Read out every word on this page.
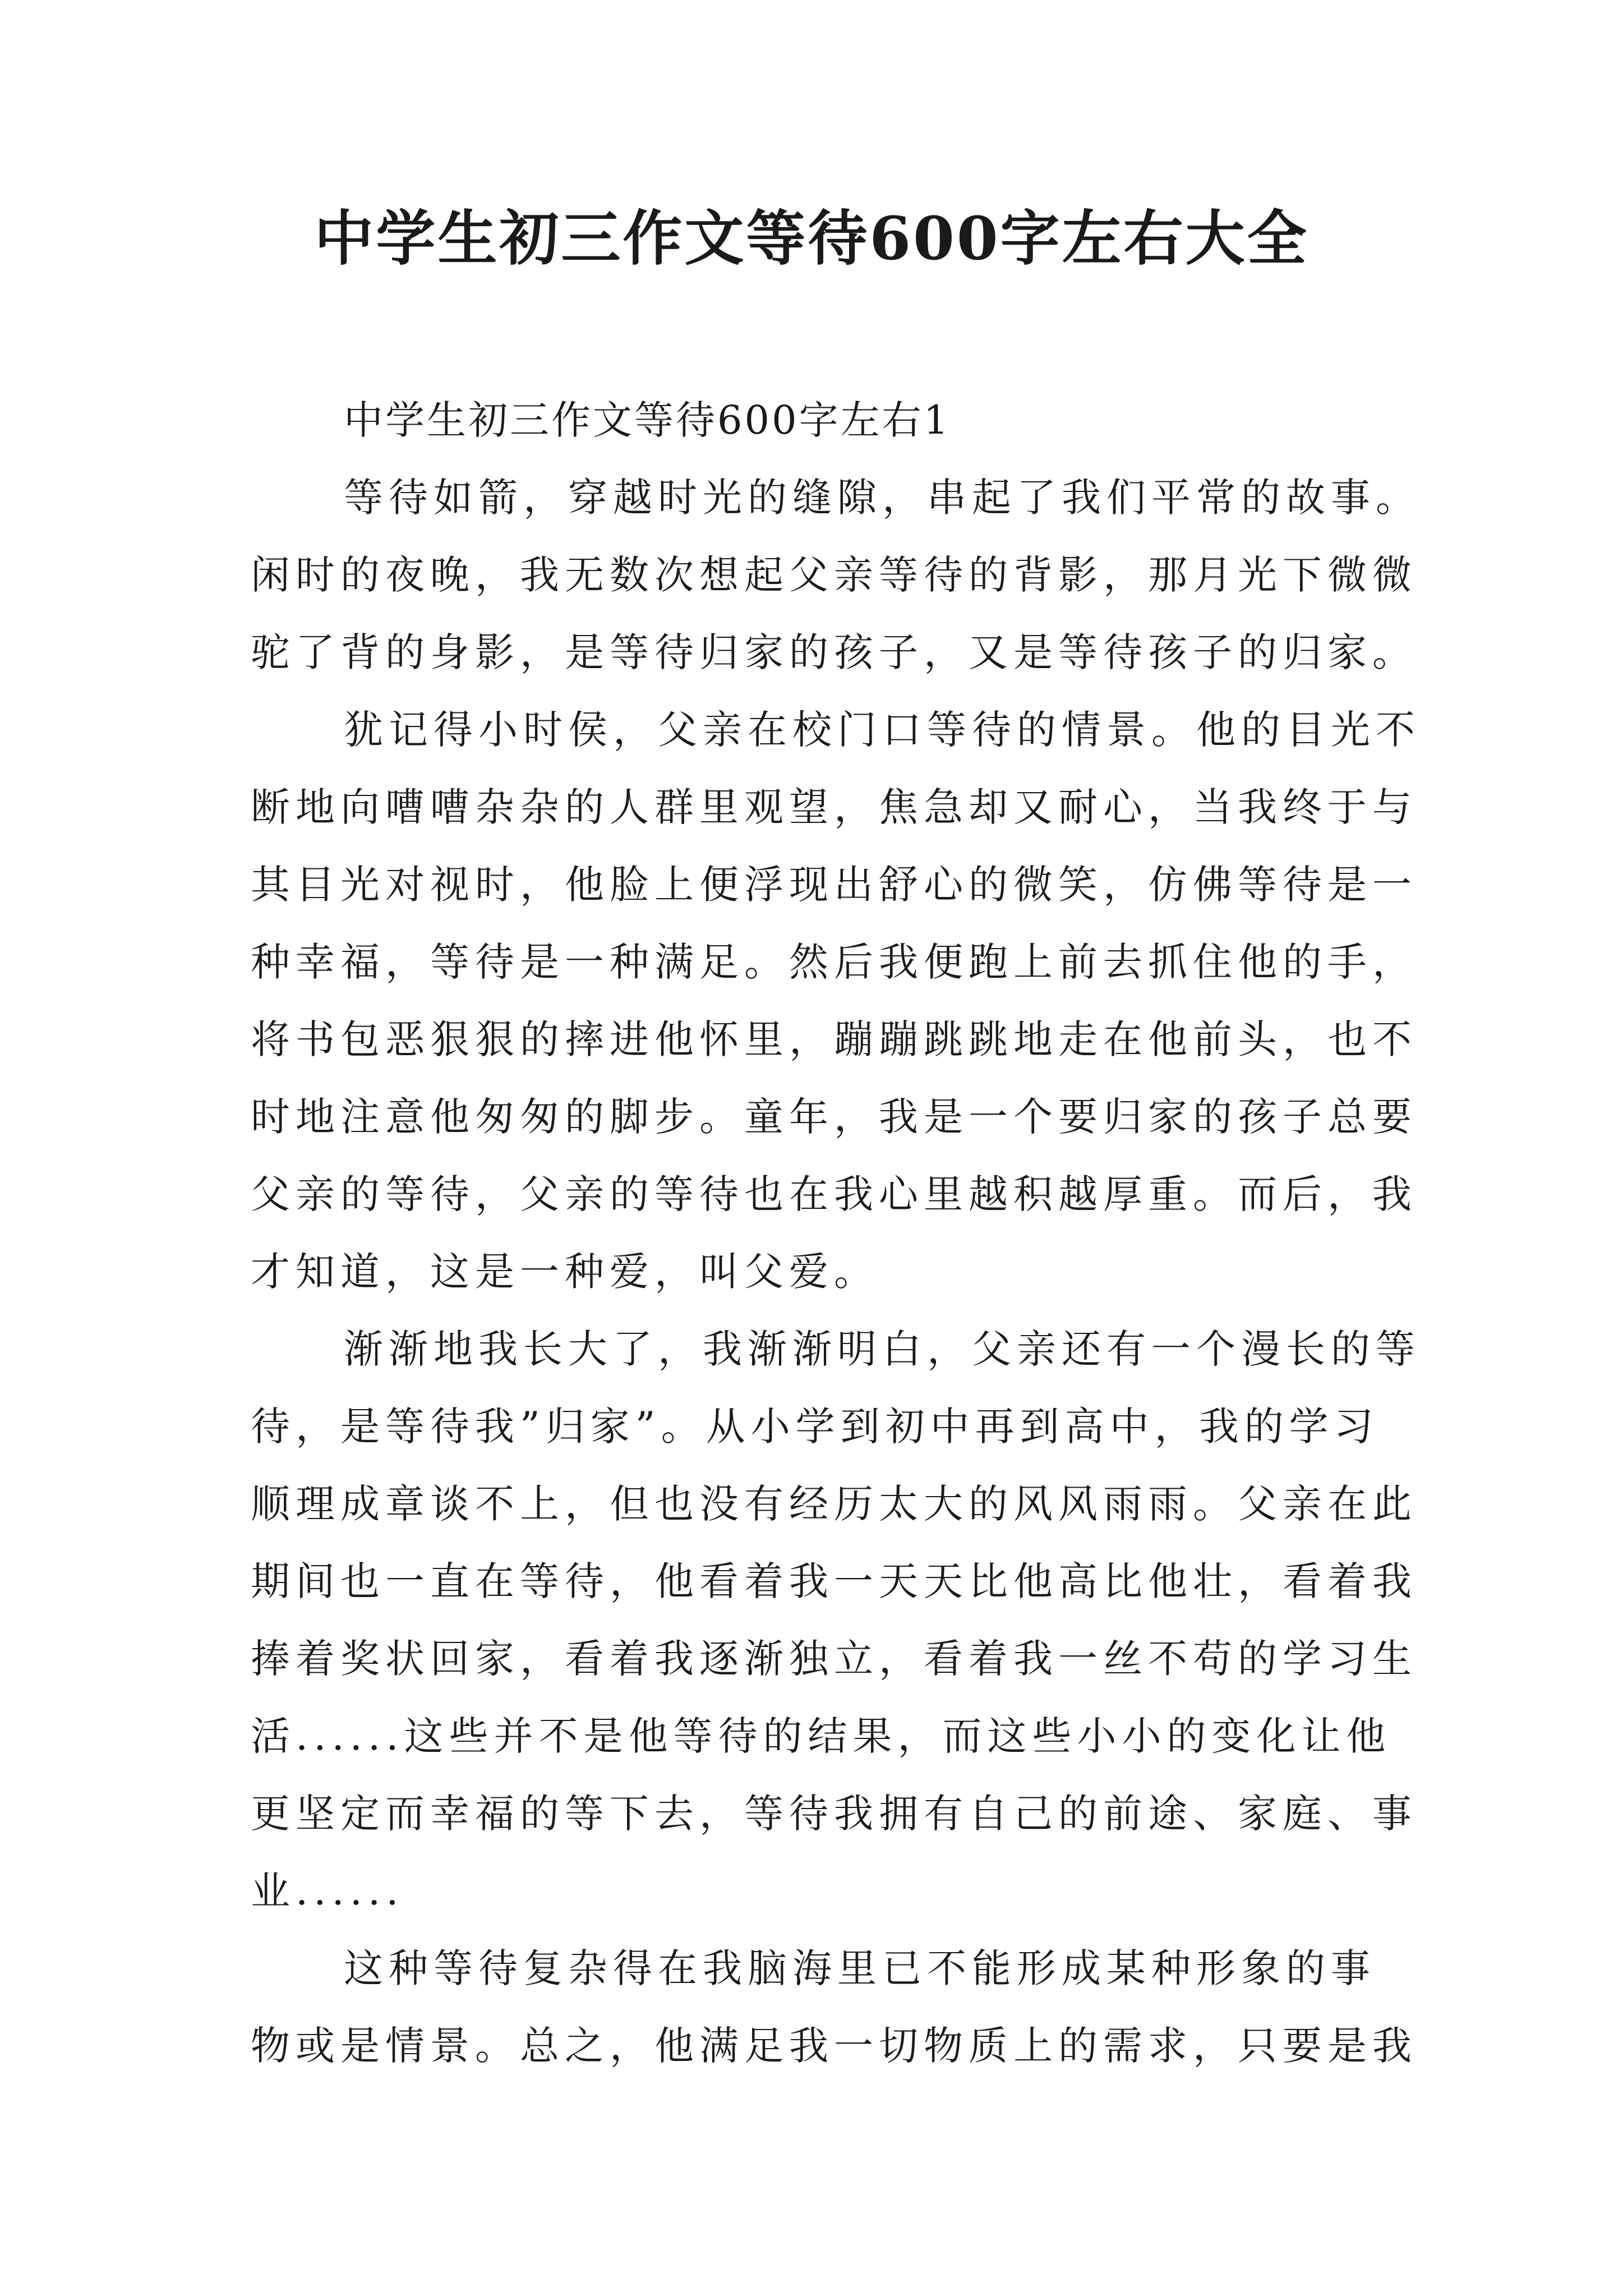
中学生初三作文等待600字左右大全

中学生初三作文等待600字左右1

等待如箭，穿越时光的缝隙，串起了我们平常的故事。
闲时的夜晚，我无数次想起父亲等待的背影，那月光下微微
驼了背的身影，是等待归家的孩子，又是等待孩子的归家。

犹记得小时侯，父亲在校门口等待的情景。他的目光不
断地向嘈嘈杂杂的人群里观望，焦急却又耐心，当我终于与
其目光对视时，他脸上便浮现出舒心的微笑，仿佛等待是一
种幸福，等待是一种满足。然后我便跑上前去抓住他的手，
将书包恶狠狠的摔进他怀里，蹦蹦跳跳地走在他前头，也不
时地注意他匆匆的脚步。童年，我是一个要归家的孩子总要
父亲的等待，父亲的等待也在我心里越积越厚重。而后，我
才知道，这是一种爱，叫父爱。

渐渐地我长大了，我渐渐明白，父亲还有一个漫长的等
待，是等待我”归家”。从小学到初中再到高中，我的学习
顺理成章谈不上，但也没有经历太大的风风雨雨。父亲在此
期间也一直在等待，他看着我一天天比他高比他壮，看着我
捧着奖状回家，看着我逐渐独立，看着我一丝不苟的学习生
活......这些并不是他等待的结果，而这些小小的变化让他
更坚定而幸福的等下去，等待我拥有自己的前途、家庭、事
业......

这种等待复杂得在我脑海里已不能形成某种形象的事
物或是情景。总之，他满足我一切物质上的需求，只要是我
